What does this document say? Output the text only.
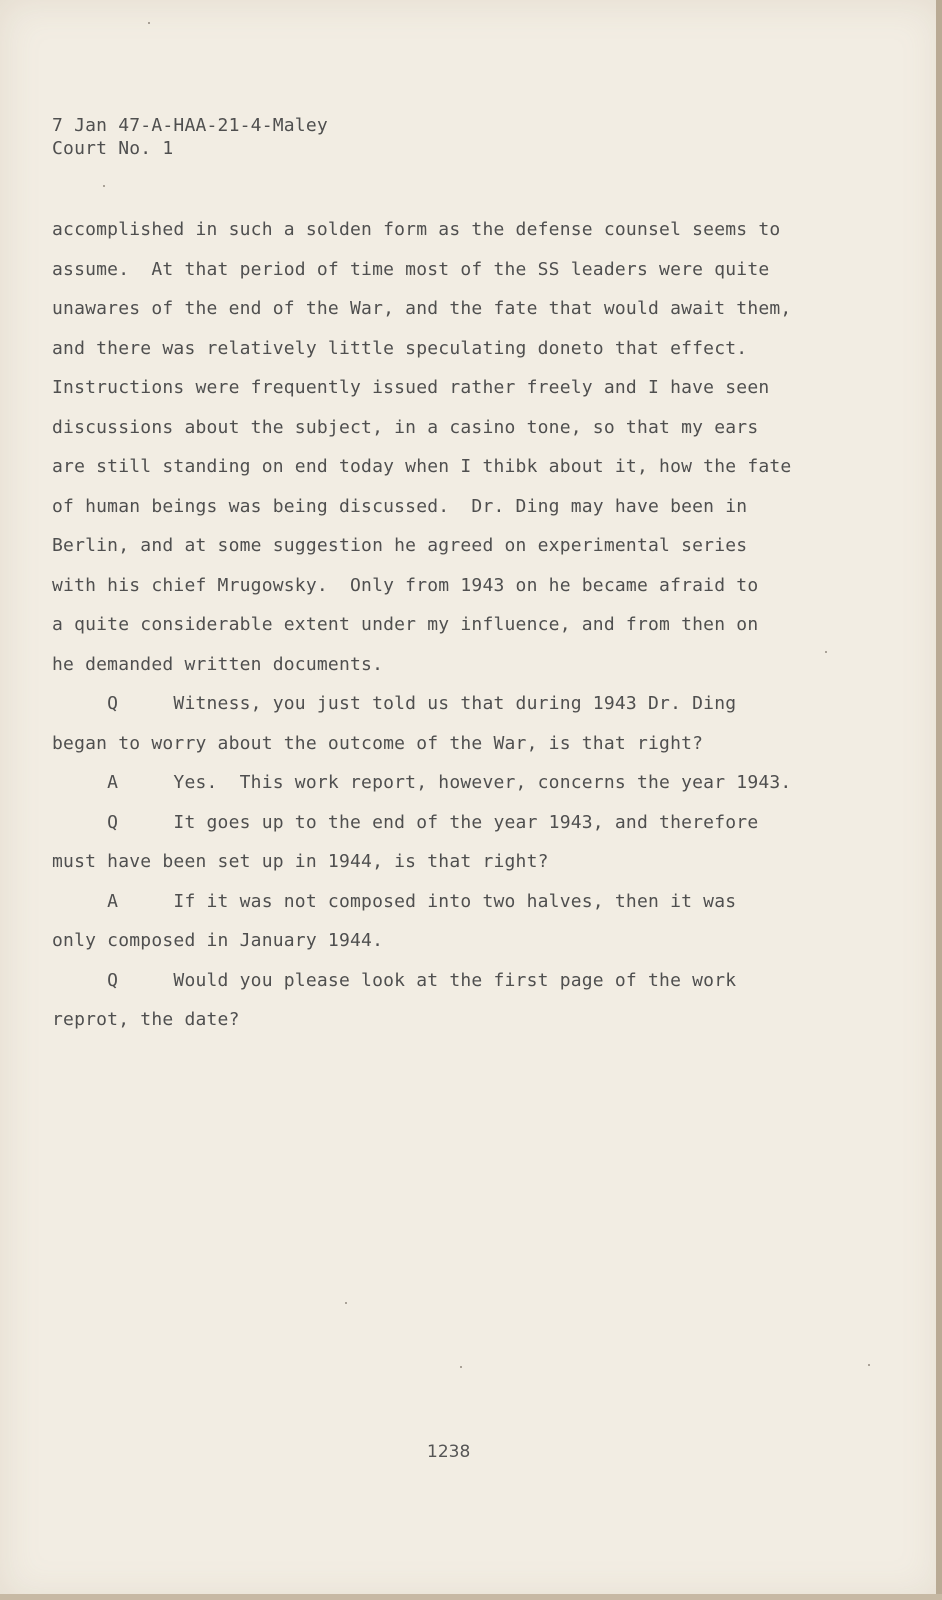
7 Jan 47-A-HAA-21-4-Maley
Court No. 1
accomplished in such a solden form as the defense counsel seems to
assume.  At that period of time most of the SS leaders were quite
unawares of the end of the War, and the fate that would await them,
and there was relatively little speculating doneto that effect.
Instructions were frequently issued rather freely and I have seen
discussions about the subject, in a casino tone, so that my ears
are still standing on end today when I thibk about it, how the fate
of human beings was being discussed.  Dr. Ding may have been in
Berlin, and at some suggestion he agreed on experimental series
with his chief Mrugowsky.  Only from 1943 on he became afraid to
a quite considerable extent under my influence, and from then on
he demanded written documents.
Q     Witness, you just told us that during 1943 Dr. Ding
began to worry about the outcome of the War, is that right?
A     Yes.  This work report, however, concerns the year 1943.
Q     It goes up to the end of the year 1943, and therefore
must have been set up in 1944, is that right?
A     If it was not composed into two halves, then it was
only composed in January 1944.
Q     Would you please look at the first page of the work
reprot, the date?
1238
